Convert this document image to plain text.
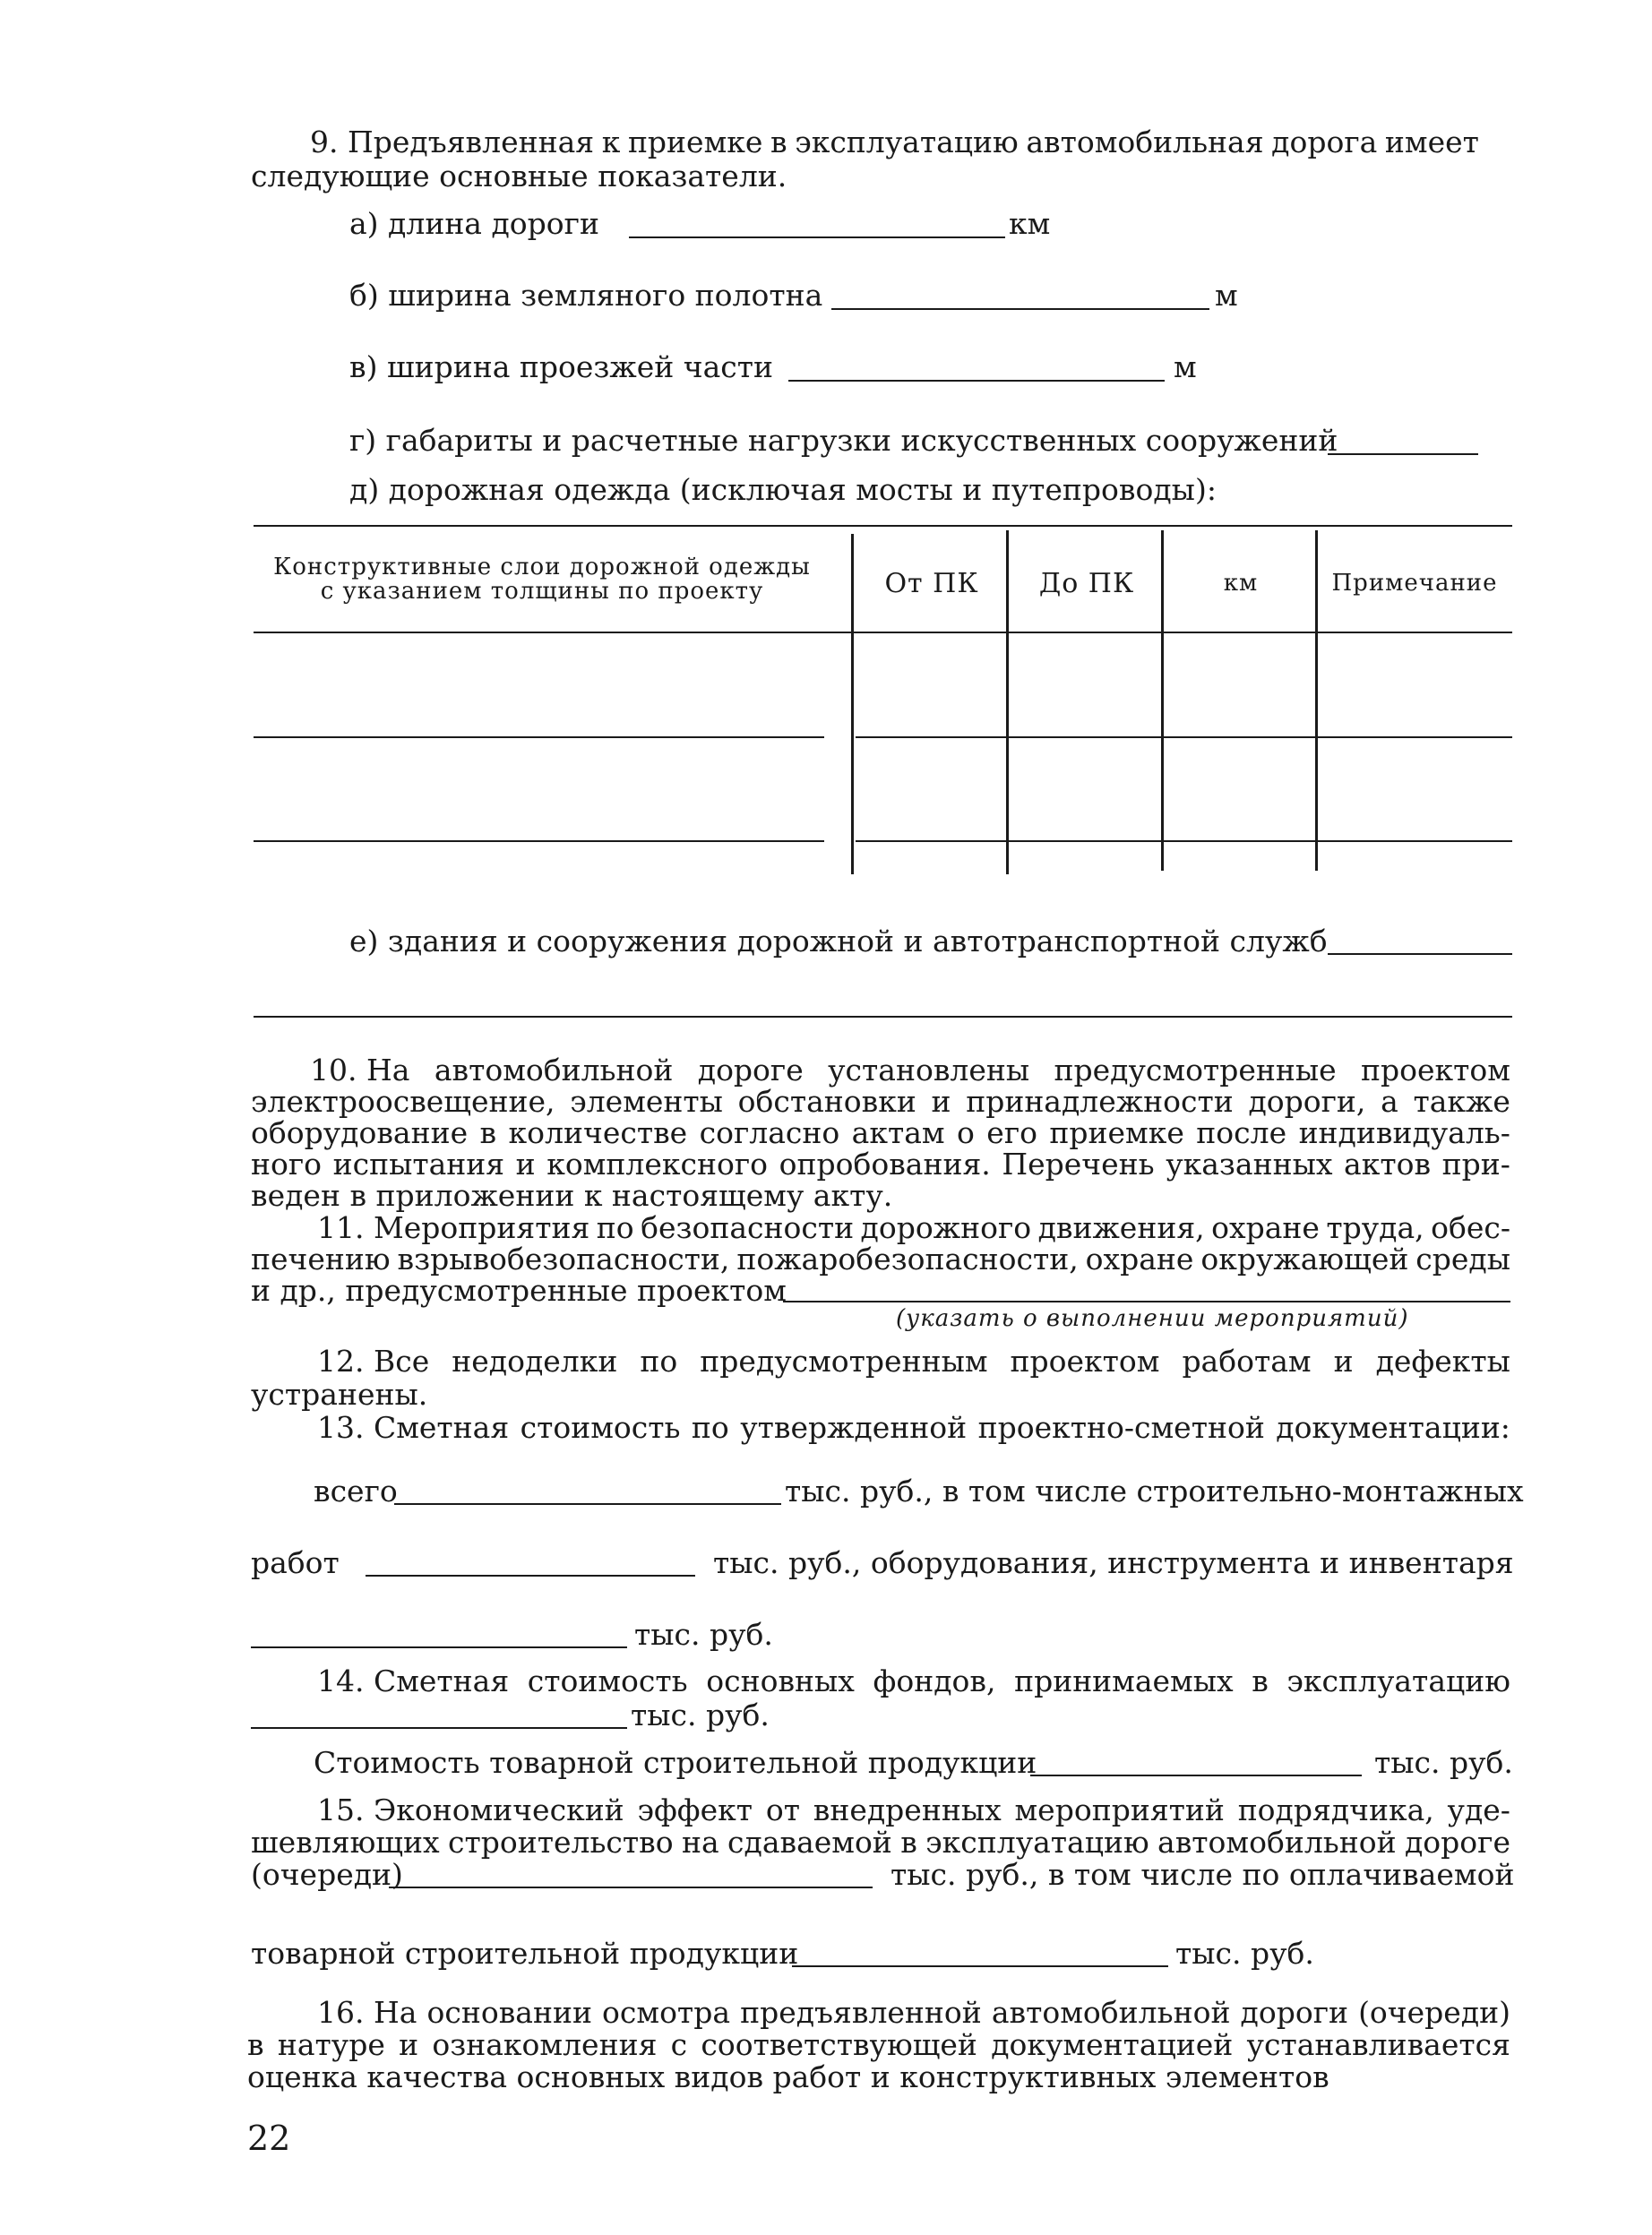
9. Предъявленная к приемке в эксплуатацию автомобильная дорога имеет
следующие основные показатели.
а) длина дороги	км
б) ширина земляного полотна	м
в) ширина проезжей части	м
г) габариты и расчетные нагрузки искусственных сооружений
д) дорожная одежда (исключая мосты и путепроводы):
Конструктивные слои дорожной одежды
с указанием толщины по проекту	От ПК	До ПК	км	Примечание
е) здания и сооружения дорожной и автотранспортной служб
10. На автомобильной дороге установлены предусмотренные проектом
электроосвещение, элементы обстановки и принадлежности дороги, а также
оборудование в количестве согласно актам о его приемке после индивидуаль-
ного испытания и комплексного опробования. Перечень указанных актов при-
веден в приложении к настоящему акту.
11. Мероприятия по безопасности дорожного движения, охране труда, обес-
печению взрывобезопасности, пожаробезопасности, охране окружающей среды
и др., предусмотренные проектом
(указать о выполнении мероприятий)
12. Все недоделки по предусмотренным проектом работам и дефекты
устранены.
13. Сметная стоимость по утвержденной проектно-сметной документации:
всего	тыс. руб., в том числе строительно-монтажных
работ	тыс. руб., оборудования, инструмента и инвентаря
тыс. руб.
14. Сметная стоимость основных фондов, принимаемых в эксплуатацию
тыс. руб.
Стоимость товарной строительной продукции	тыс. руб.
15. Экономический эффект от внедренных мероприятий подрядчика, уде-
шевляющих строительство на сдаваемой в эксплуатацию автомобильной дороге
(очереди)	тыс. руб., в том числе по оплачиваемой
товарной строительной продукции	тыс. руб.
16. На основании осмотра предъявленной автомобильной дороги (очереди)
в натуре и ознакомления с соответствующей документацией устанавливается
оценка качества основных видов работ и конструктивных элементов
22
